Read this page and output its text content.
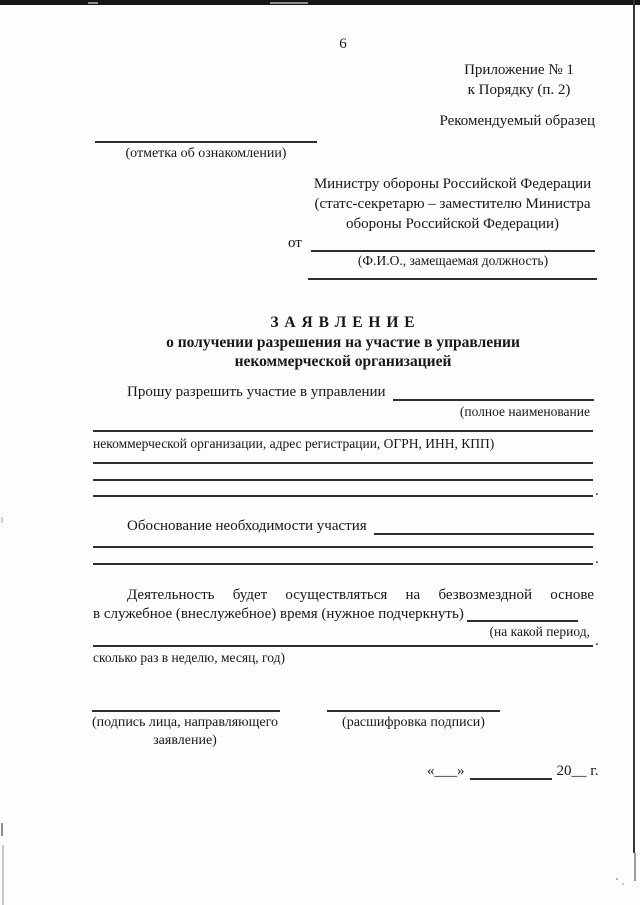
6
Приложение № 1
к Порядку (п. 2)
Рекомендуемый образец
(отметка об ознакомлении)
Министру обороны Российской Федерации
(статс-секретарю – заместителю Министра
обороны Российской Федерации)
от
(Ф.И.О., замещаемая должность)
З А Я В Л Е Н И Е
о получении разрешения на участие в управлении
некоммерческой организацией
Прошу разрешить участие в управлении
(полное наименование
некоммерческой организации, адрес регистрации, ОГРН, ИНН, КПП)
.
Обоснование необходимости участия
.
Деятельность будет осуществляться на безвозмездной основе
в служебное (внеслужебное) время (нужное подчеркнуть)
(на какой период,
.
сколько раз в неделю, месяц, год)
(подпись лица, направляющего
заявление)
(расшифровка подписи)
«___»	20__ г.
